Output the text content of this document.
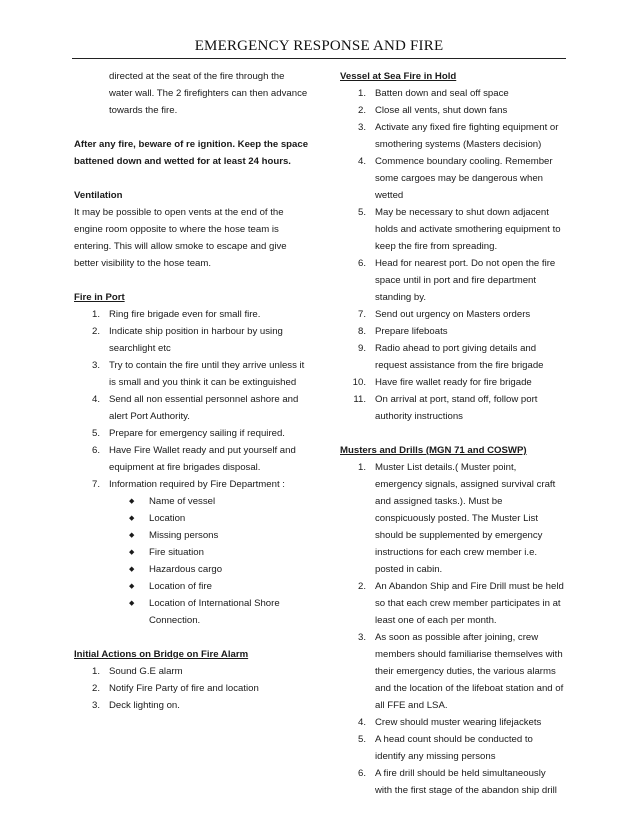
EMERGENCY RESPONSE AND FIRE

directed at the seat of the fire through the water wall. The 2 firefighters can then advance towards the fire.

After any fire, beware of re ignition. Keep the space battened down and wetted for at least 24 hours.

Ventilation

It may be possible to open vents at the end of the engine room opposite to where the hose team is entering. This will allow smoke to escape and give better visibility to the hose team.

Fire in Port

1. Ring fire brigade even for small fire.
2. Indicate ship position in harbour by using searchlight etc
3. Try to contain the fire until they arrive unless it is small and you think it can be extinguished
4. Send all non essential personnel ashore and alert Port Authority.
5. Prepare for emergency sailing if required.
6. Have Fire Wallet ready and put yourself and equipment at fire brigades disposal.
7. Information required by Fire Department :
◆ Name of vessel
◆ Location
◆ Missing persons
◆ Fire situation
◆ Hazardous cargo
◆ Location of fire
◆ Location of International Shore Connection.

Initial Actions on Bridge on Fire Alarm

1. Sound G.E alarm
2. Notify Fire Party of fire and location
3. Deck lighting on.

Vessel at Sea Fire in Hold

1. Batten down and seal off space
2. Close all vents, shut down fans
3. Activate any fixed fire fighting equipment or smothering systems (Masters decision)
4. Commence boundary cooling. Remember some cargoes may be dangerous when wetted
5. May be necessary to shut down adjacent holds and activate smothering equipment to keep the fire from spreading.
6. Head for nearest port. Do not open the fire space until in port and fire department standing by.
7. Send out urgency on Masters orders
8. Prepare lifeboats
9. Radio ahead to port giving details and request assistance from the fire brigade
10. Have fire wallet ready for fire brigade
11. On arrival at port, stand off, follow port authority instructions

Musters and Drills (MGN 71 and COSWP)

1. Muster List details.( Muster point, emergency signals, assigned survival craft and assigned tasks.). Must be conspicuously posted. The Muster List should be supplemented by emergency instructions for each crew member i.e. posted in cabin.
2. An Abandon Ship and Fire Drill must be held so that each crew member participates in at least one of each per month.
3. As soon as possible after joining, crew members should familiarise themselves with their emergency duties, the various alarms and the location of the lifeboat station and of all FFE and LSA.
4. Crew should muster wearing lifejackets
5. A head count should be conducted to identify any missing persons
6. A fire drill should be held simultaneously with the first stage of the abandon ship drill
